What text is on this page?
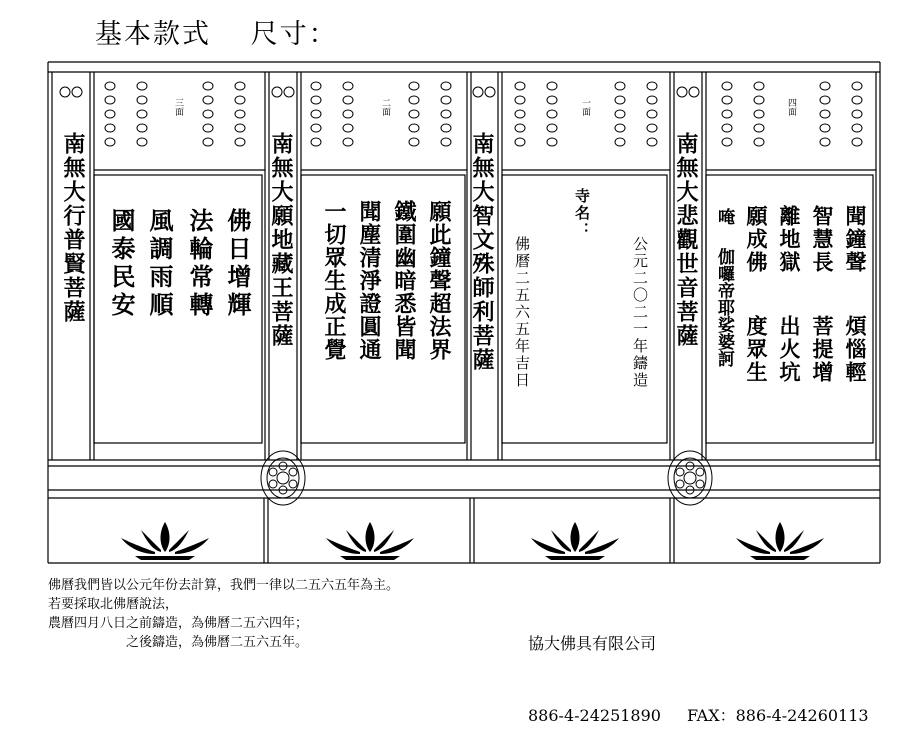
基本款式　 尺寸：
三面	二面	一面	四面
南無大行普賢菩薩	南無大願地藏王菩薩	南無大智文殊師利菩薩	南無大悲觀世音菩薩
佛日增輝
法輪常轉
風調雨順
國泰民安	願此鐘聲超法界
鐵圍幽暗悉皆聞
聞塵清淨證圓通
一切眾生成正覺	寺名：
公元二〇二一年鑄造
佛曆二五六五年吉日	聞鐘聲
煩惱輕
智慧長
菩提增
離地獄
出火坑
願成佛
度眾生
唵
伽囉帝耶娑婆訶
佛曆我們皆以公元年份去計算，我們一律以二五六五年為主。
若要採取北佛曆說法，
農曆四月八日之前鑄造，為佛曆二五六四年；
　　　　　　之後鑄造，為佛曆二五六五年。

	協大佛具有限公司

886-4-24251890 FAX：886-4-24260113
